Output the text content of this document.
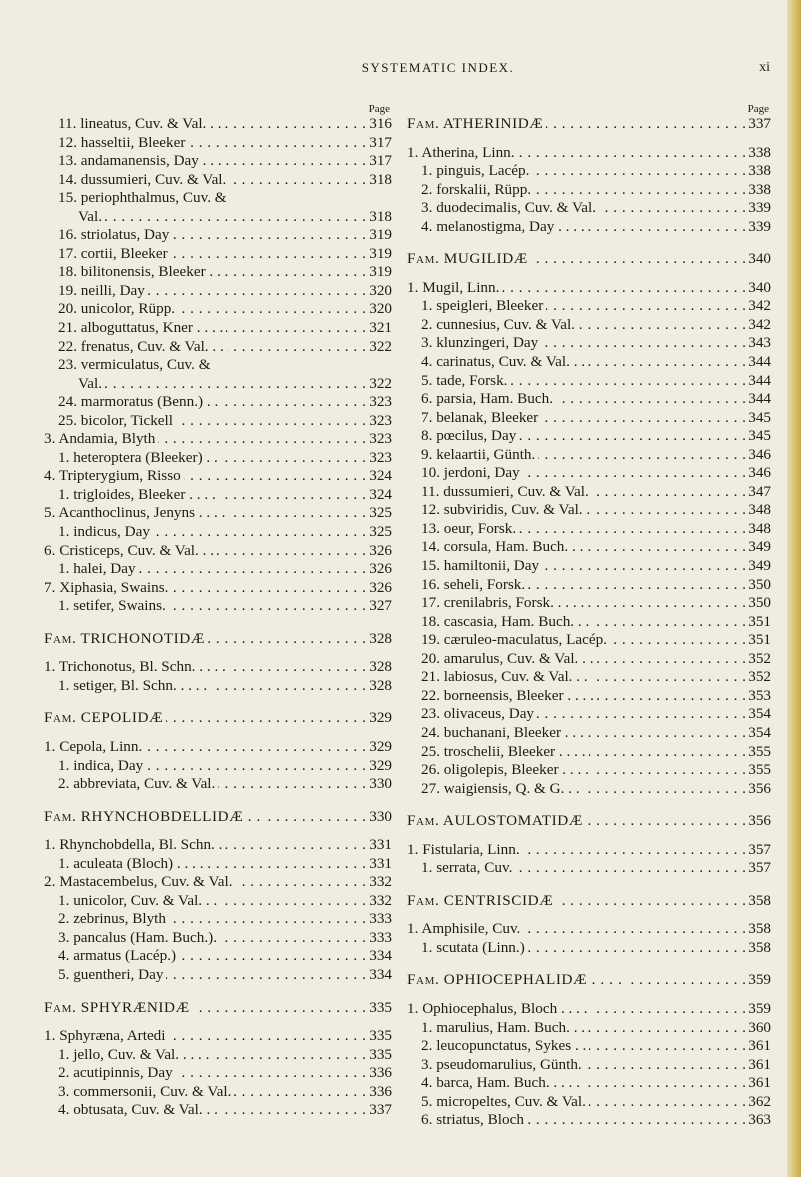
SYSTEMATIC INDEX.	xi
Page
. . . 11. lineatus, Cuv. & Val. . .	316
. . . 12. hasseltii, Bleeker	317
. . . 13. andamanensis, Day . . . .	317
. . . 14. dussumieri, Cuv. & Val.	318
15. periophthalmus, Cuv. &
. . . Val.	318
. . . 16. striolatus, Day	319
. . . 17. cortii, Bleeker	319
. . . 18. bilitonensis, Bleeker . .	319
. . . 19. neilli, Day	320
. . . 20. unicolor, Rüpp.	320
. . . 21. alboguttatus, Kner . . . .	321
. . . 22. frenatus, Cuv. & Val. . .	322
23. vermiculatus, Cuv. &
. . . Val.	322
. . . 24. marmoratus (Benn.) . .	323
. . . 25. bicolor, Tickell	323
. . . 3. Andamia, Blyth	323
. . . 1. heteroptera (Bleeker) . .	323
. . . 4. Tripterygium, Risso	324
. . . 1. trigloides, Bleeker . . . .	324
. . . 5. Acanthoclinus, Jenyns . . . .	325
. . . 1. indicus, Day	325
. . . 6. Cristiceps, Cuv. & Val. . .	326
. . . 1. halei, Day	326
. . . 7. Xiphasia, Swains.	326
. . . 1. setifer, Swains.	327
. . . Fam. TRICHONOTIDÆ	328
. . . 1. Trichonotus, Bl. Schn. . . . .	328
. . . 1. setiger, Bl. Schn. . . . .	328
. . . Fam. CEPOLIDÆ	329
. . . 1. Cepola, Linn.	329
. . . 1. indica, Day	329
. . . 2. abbreviata, Cuv. & Val.	330
. . . Fam. RHYNCHOBDELLIDÆ . .	330
. . . 1. Rhynchobdella, Bl. Schn. .	331
. . . 1. aculeata (Bloch) . . . .	331
. . . 2. Mastacembelus, Cuv. & Val.	332
. . . 1. unicolor, Cuv. & Val. . .	332
. . . 2. zebrinus, Blyth	333
. . . 3. pancalus (Ham. Buch.).	333
. . . 4. armatus (Lacép.)	334
. . . 5. guentheri, Day	334
. . . Fam. SPHYRÆNIDÆ	335
. . . 1. Sphyræna, Artedi	335
. . . 1. jello, Cuv. & Val. . . . .	335
. . . 2. acutipinnis, Day	336
. . . 3. commersonii, Cuv. & Val.	336
. . . 4. obtusata, Cuv. & Val. . .	337
Page
. . . Fam. ATHERINIDÆ	337
. . . 1. Atherina, Linn.	338
. . . 1. pinguis, Lacép.	338
. . . 2. forskalii, Rüpp.	338
. . . 3. duodecimalis, Cuv. & Val.	339
. . . 4. melanostigma, Day . . . .	339
. . . Fam. MUGILIDÆ	340
. . . 1. Mugil, Linn.	340
. . . 1. speigleri, Bleeker	342
. . . 2. cunnesius, Cuv. & Val. .	342
. . . 3. klunzingeri, Day	343
. . . 4. carinatus, Cuv. & Val. . .	344
. . . 5. tade, Forsk.	344
. . . 6. parsia, Ham. Buch.	344
. . . 7. belanak, Bleeker	345
. . . 8. pœcilus, Day	345
. . . 9. kelaartii, Günth.	346
. . . 10. jerdoni, Day	346
. . . 11. dussumieri, Cuv. & Val.	347
. . . 12. subviridis, Cuv. & Val. .	348
. . . 13. oeur, Forsk.	348
. . . 14. corsula, Ham. Buch. . .	349
. . . 15. hamiltonii, Day	349
. . . 16. seheli, Forsk.	350
. . . 17. crenilabris, Forsk. . . . .	350
. . . 18. cascasia, Ham. Buch. . .	351
. . . 19. cæruleo-maculatus, Lacép.	351
. . . 20. amarulus, Cuv. & Val. . .	352
. . . 21. labiosus, Cuv. & Val. . .	352
. . . 22. borneensis, Bleeker . . . .	353
. . . 23. olivaceus, Day	354
. . . 24. buchanani, Bleeker . . . .	354
. . . 25. troschelii, Bleeker . . . .	355
. . . 26. oligolepis, Bleeker . . . .	355
. . . 27. waigiensis, Q. & G. . .	356
. . . Fam. AULOSTOMATIDÆ	356
. . . 1. Fistularia, Linn.	357
. . . 1. serrata, Cuv.	357
. . . Fam. CENTRISCIDÆ	358
. . . 1. Amphisile, Cuv.	358
. . . 1. scutata (Linn.)	358
. . . Fam. OPHIOCEPHALIDÆ . . . .	359
. . . 1. Ophiocephalus, Bloch . . . .	359
. . . 1. marulius, Ham. Buch. . .	360
. . . 2. leucopunctatus, Sykes . .	361
. . . 3. pseudomarulius, Günth.	361
. . . 4. barca, Ham. Buch. . . . .	361
. . . 5. micropeltes, Cuv. & Val.	362
. . . 6. striatus, Bloch	363
